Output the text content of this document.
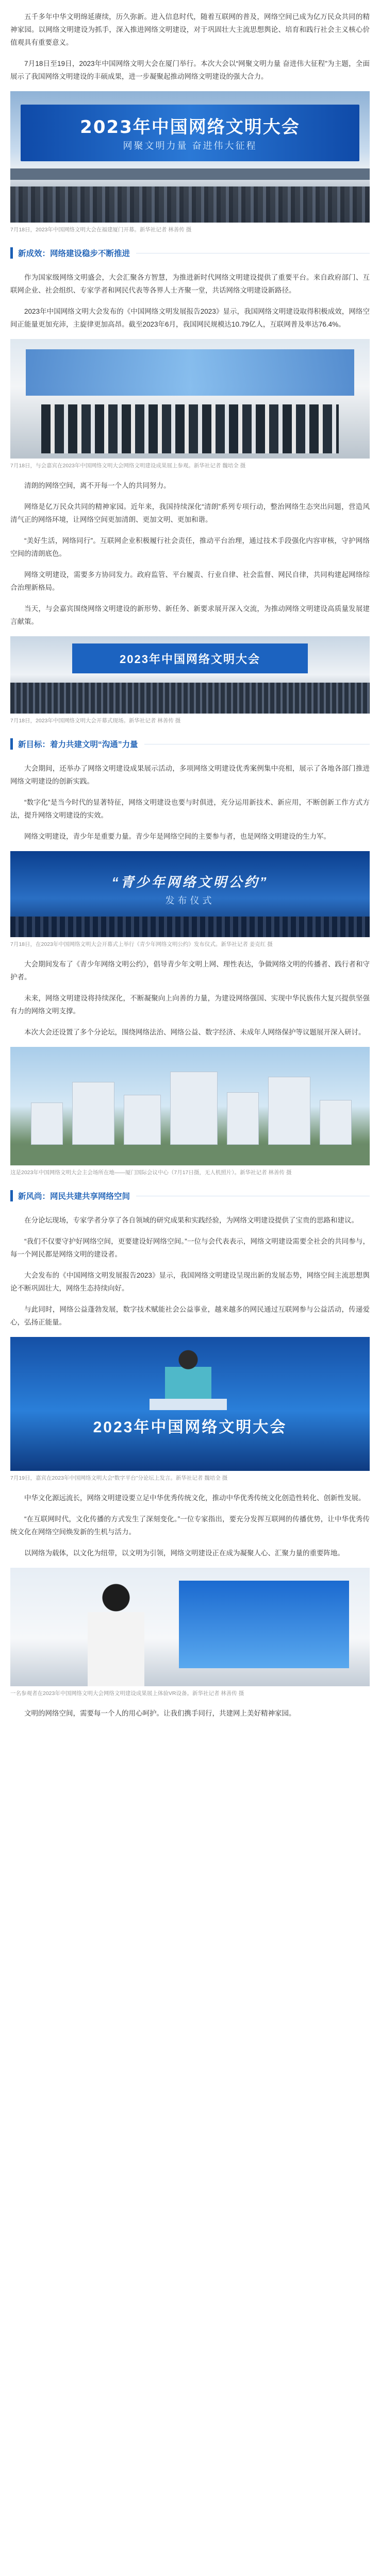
五千多年中华文明绵延赓续，历久弥新。进入信息时代，随着互联网的普及，网络空间已成为亿万民众共同的精神家园。以网络文明建设为抓手，深入推进网络文明建设，对于巩固壮大主流思想舆论、培育和践行社会主义核心价值观具有重要意义。

7月18日至19日，2023年中国网络文明大会在厦门举行。本次大会以“网聚文明力量 奋进伟大征程”为主题，全面展示了我国网络文明建设的丰硕成果，进一步凝聚起推动网络文明建设的强大合力。

2023年中国网络文明大会
网聚文明力量 奋进伟大征程
7月18日，2023年中国网络文明大会在福建厦门开幕。新华社记者 林善传 摄
新成效：网络建设稳步不断推进

作为国家级网络文明盛会，大会汇聚各方智慧，为推进新时代网络文明建设提供了重要平台。来自政府部门、互联网企业、社会组织、专家学者和网民代表等各界人士齐聚一堂，共话网络文明建设新路径。

2023年中国网络文明大会发布的《中国网络文明发展报告2023》显示，我国网络文明建设取得积极成效，网络空间正能量更加充沛，主旋律更加高昂。截至2023年6月，我国网民规模达10.79亿人，互联网普及率达76.4%。

7月18日，与会嘉宾在2023年中国网络文明大会网络文明建设成果展上参观。新华社记者 魏培全 摄

清朗的网络空间，离不开每一个人的共同努力。

网络是亿万民众共同的精神家园。近年来，我国持续深化“清朗”系列专项行动，整治网络生态突出问题，营造风清气正的网络环境，让网络空间更加清朗、更加文明、更加和谐。

“美好生活，网络同行”。互联网企业积极履行社会责任，推动平台治理，通过技术手段强化内容审核，守护网络空间的清朗底色。

网络文明建设，需要多方协同发力。政府监管、平台履责、行业自律、社会监督、网民自律，共同构建起网络综合治理新格局。

当天，与会嘉宾围绕网络文明建设的新形势、新任务、新要求展开深入交流，为推动网络文明建设高质量发展建言献策。

2023年中国网络文明大会
7月18日，2023年中国网络文明大会开幕式现场。新华社记者 林善传 摄
新目标：着力共建文明“沟通”力量

大会期间，还举办了网络文明建设成果展示活动，多项网络文明建设优秀案例集中亮相，展示了各地各部门推进网络文明建设的创新实践。

“数字化”是当今时代的显著特征，网络文明建设也要与时俱进，充分运用新技术、新应用，不断创新工作方式方法，提升网络文明建设的实效。

网络文明建设，青少年是重要力量。青少年是网络空间的主要参与者，也是网络文明建设的生力军。

“青少年网络文明公约”
发布仪式
7月18日，在2023年中国网络文明大会开幕式上举行《青少年网络文明公约》发布仪式。新华社记者 姜克红 摄

大会期间发布了《青少年网络文明公约》，倡导青少年文明上网、理性表达，争做网络文明的传播者、践行者和守护者。

未来，网络文明建设将持续深化，不断凝聚向上向善的力量，为建设网络强国、实现中华民族伟大复兴提供坚强有力的网络文明支撑。

本次大会还设置了多个分论坛，围绕网络法治、网络公益、数字经济、未成年人网络保护等议题展开深入研讨。

这是2023年中国网络文明大会主会场所在地——厦门国际会议中心（7月17日摄，无人机照片）。新华社记者 林善传 摄
新风尚：网民共建共享网络空间

在分论坛现场，专家学者分享了各自领域的研究成果和实践经验，为网络文明建设提供了宝贵的思路和建议。

“我们不仅要守护好网络空间，更要建设好网络空间。”一位与会代表表示，网络文明建设需要全社会的共同参与，每一个网民都是网络文明的建设者。

大会发布的《中国网络文明发展报告2023》显示，我国网络文明建设呈现出新的发展态势，网络空间主流思想舆论不断巩固壮大，网络生态持续向好。

与此同时，网络公益蓬勃发展，数字技术赋能社会公益事业，越来越多的网民通过互联网参与公益活动，传递爱心，弘扬正能量。

2023年中国网络文明大会
7月19日，嘉宾在2023年中国网络文明大会“数字平台”分论坛上发言。新华社记者 魏培全 摄

中华文化源远流长，网络文明建设要立足中华优秀传统文化，推动中华优秀传统文化创造性转化、创新性发展。

“在互联网时代，文化传播的方式发生了深刻变化。”一位专家指出，要充分发挥互联网的传播优势，让中华优秀传统文化在网络空间焕发新的生机与活力。

以网络为载体，以文化为纽带，以文明为引领，网络文明建设正在成为凝聚人心、汇聚力量的重要阵地。

一名参观者在2023年中国网络文明大会网络文明建设成果展上体验VR设备。新华社记者 林善传 摄

文明的网络空间，需要每一个人的用心呵护。让我们携手同行，共建网上美好精神家园。
